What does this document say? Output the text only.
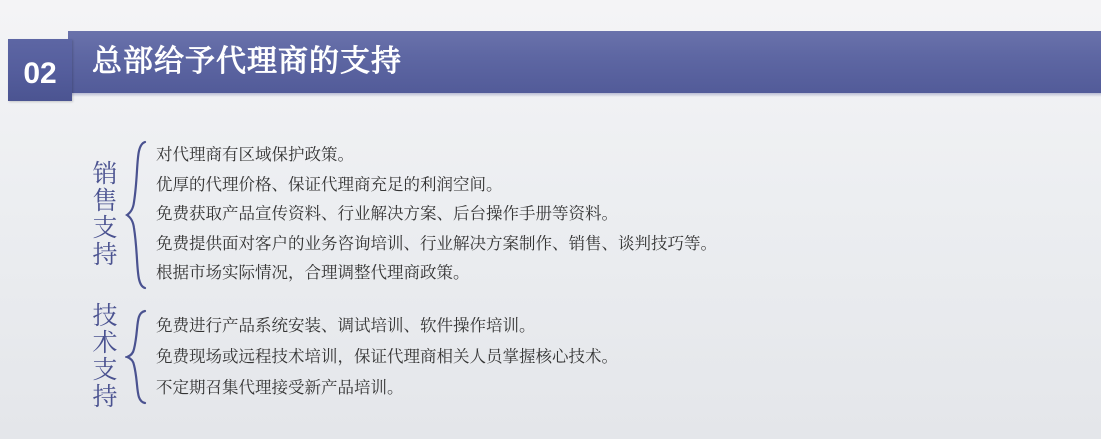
总部给予代理商的支持
02
销
售
支
持
对代理商有区域保护政策。
优厚的代理价格、保证代理商充足的利润空间。
免费获取产品宣传资料、行业解决方案、后台操作手册等资料。
免费提供面对客户的业务咨询培训、行业解决方案制作、销售、谈判技巧等。
根据市场实际情况，合理调整代理商政策。
技
术
支
持
免费进行产品系统安装、调试培训、软件操作培训。
免费现场或远程技术培训，保证代理商相关人员掌握核心技术。
不定期召集代理接受新产品培训。
